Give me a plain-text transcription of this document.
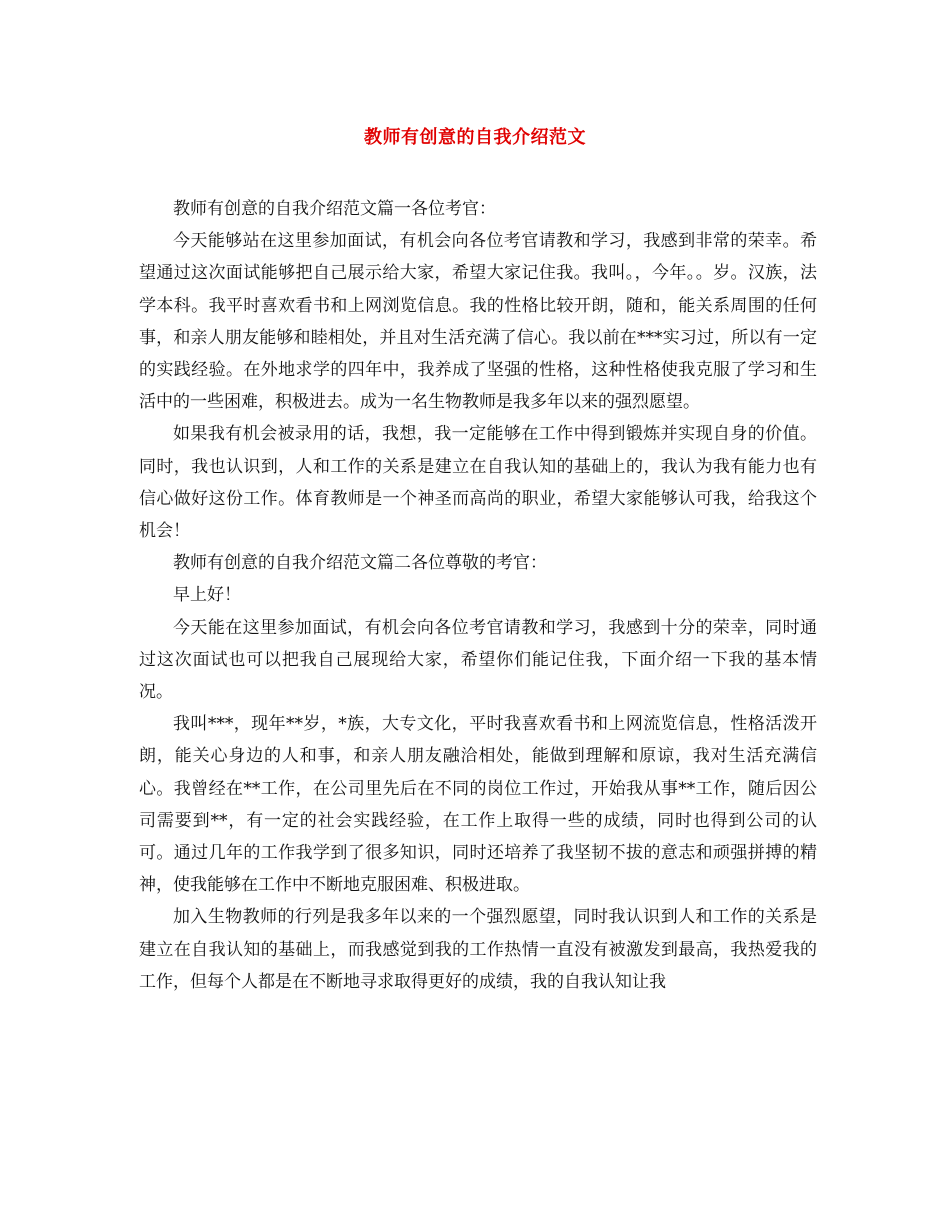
教师有创意的自我介绍范文

教师有创意的自我介绍范文篇一各位考官：

今天能够站在这里参加面试，有机会向各位考官请教和学习，我感到非常的荣幸。希望通过这次面试能够把自己展示给大家，希望大家记住我。我叫。，今年。。岁。汉族，法学本科。我平时喜欢看书和上网浏览信息。我的性格比较开朗，随和，能关系周围的任何事，和亲人朋友能够和睦相处，并且对生活充满了信心。我以前在***实习过，所以有一定的实践经验。在外地求学的四年中，我养成了坚强的性格，这种性格使我克服了学习和生活中的一些困难，积极进去。成为一名生物教师是我多年以来的强烈愿望。

如果我有机会被录用的话，我想，我一定能够在工作中得到锻炼并实现自身的价值。同时，我也认识到，人和工作的关系是建立在自我认知的基础上的，我认为我有能力也有信心做好这份工作。体育教师是一个神圣而高尚的职业，希望大家能够认可我，给我这个机会！

教师有创意的自我介绍范文篇二各位尊敬的考官：

早上好！

今天能在这里参加面试，有机会向各位考官请教和学习，我感到十分的荣幸，同时通过这次面试也可以把我自己展现给大家，希望你们能记住我，下面介绍一下我的基本情况。

我叫***，现年**岁，*族，大专文化，平时我喜欢看书和上网流览信息，性格活泼开朗，能关心身边的人和事，和亲人朋友融洽相处，能做到理解和原谅，我对生活充满信心。我曾经在**工作，在公司里先后在不同的岗位工作过，开始我从事**工作，随后因公司需要到**，有一定的社会实践经验，在工作上取得一些的成绩，同时也得到公司的认可。通过几年的工作我学到了很多知识，同时还培养了我坚韧不拔的意志和顽强拼搏的精神，使我能够在工作中不断地克服困难、积极进取。

加入生物教师的行列是我多年以来的一个强烈愿望，同时我认识到人和工作的关系是建立在自我认知的基础上，而我感觉到我的工作热情一直没有被激发到最高，我热爱我的工作，但每个人都是在不断地寻求取得更好的成绩，我的自我认知让我
